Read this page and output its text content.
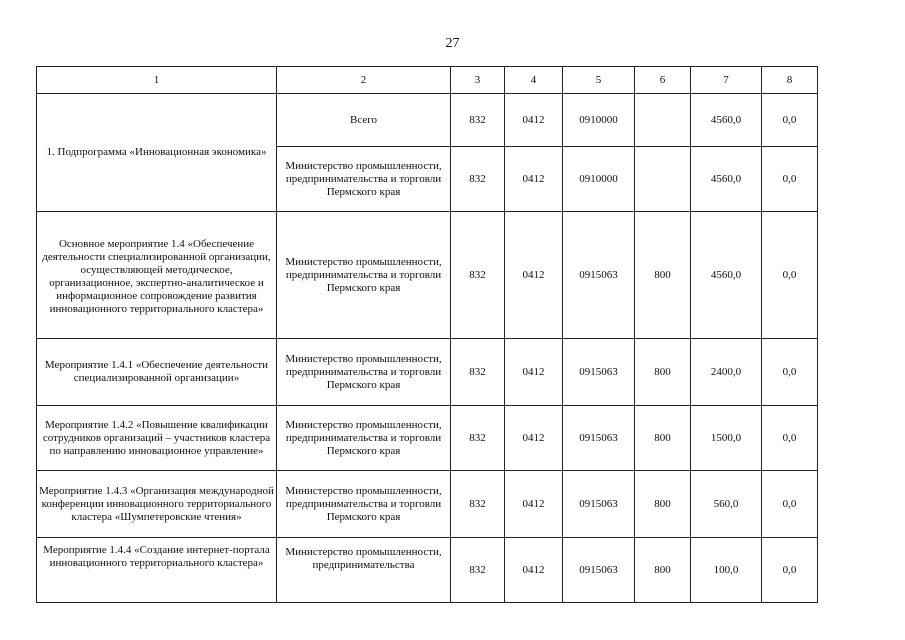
27
1	2	3	4	5	6	7	8
1. Подпрограмма «Инновационная экономика»	Всего	832	0412	0910000		4560,0	0,0
	Министерство промышленности, предпринимательства и торговли Пермского края	832	0412	0910000		4560,0	0,0
Основное мероприятие 1.4 «Обеспечение деятельности специализированной организации, осуществляющей методическое, организационное, экспертно-аналитическое и информационное сопровождение развития инновационного территориального кластера»	Министерство промышленности, предпринимательства и торговли Пермского края	832	0412	0915063	800	4560,0	0,0
Мероприятие 1.4.1 «Обеспечение деятельности специализированной организации»	Министерство промышленности, предпринимательства и торговли Пермского края	832	0412	0915063	800	2400,0	0,0
Мероприятие 1.4.2 «Повышение квалификации сотрудников организаций – участников кластера по направлению инновационное управление»	Министерство промышленности, предпринимательства и торговли Пермского края	832	0412	0915063	800	1500,0	0,0
Мероприятие 1.4.3 «Организация международной конференции инновационного территориального кластера «Шумпетеровские чтения»	Министерство промышленности, предпринимательства и торговли Пермского края	832	0412	0915063	800	560,0	0,0
Мероприятие 1.4.4 «Создание интернет-портала инновационного территориального кластера»	Министерство промышленности, предпринимательства	832	0412	0915063	800	100,0	0,0
